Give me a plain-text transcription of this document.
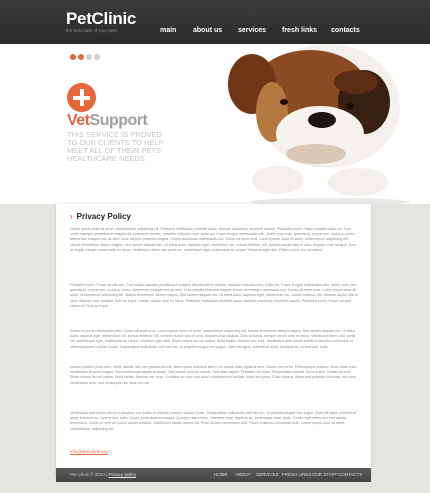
PetClinic
the best care of your pets	main about us services fresh links contacts
VetSupport
THIS SERVICE IS PROVED TO OUR CLIENTS TO HELP MEET ALL OF THEIR PETS HEALTHCARE NEEDS.
› Privacy Policy

Lorem ipsum dolor sit amet, consectetuer adipiscing elit. Praesent vestibulum molestie lacus. Aenean nonummy hendrerit mauris. Phasellus porta. Fusce suscipit varius mi. Cum sociis natoque penatibus et magnis dis parturient montes, nascetur ridiculus mus. Nulla dui. Fusce feugiat malesuada odio. Morbi nunc odio, gravida at, cursus nec, luctus a, lorem. Maecenas tristique orci ac sem. Duis ultricies pharetra magna. Donec accumsan malesuada orci. Donec sit amet eros. Lorem ipsum dolor sit amet, consectetuer adipiscing elit. Mauris fermentum dictum magna. Sed laoreet aliquam leo. Ut tellus dolor, dapibus eget, elementum vel, cursus eleifend, elit. Aenean auctor wisi et urna. Aliquam erat volutpat. Duis ac turpis. Integer rutrum ante eu lacus. Vestibulum libero nisl, porta vel, scelerisque eget, malesuada at, neque. Vivamus eget nibh. Etiam cursus leo vel metus.

Praesent mollis. Fusce iaculis orci. Cum sociis natoque penatibus et magnis dis parturient montes, nascetur ridiculus mus. Nulla dui. Fusce feugiat malesuada odio. Morbi nunc odio, gravida at, cursus nec, luctus a, lorem. Maecenas tristique orci ac sem. Duis ultricies pharetra magna. Donec accumsan malesuada orci. Donec sit amet eros. Lorem ipsum dolor sit amet, consectetuer adipiscing elit. Mauris fermentum dictum magna. Sed laoreet aliquam leo. Ut tellus dolor, dapibus eget, elementum vel, cursus eleifend, elit. Aenean auctor wisi et urna. Aliquam erat volutpat. Duis ac turpis. Integer rutrum ante eu lacus. Praesent vestibulum molestie lacus. Aenean nonummy hendrerit mauris. Phasellus porta. Fusce suscipit varius mi. Duis ac turpis.

Donec ut purus malesuada justo. Donec sit amet eros. Lorem ipsum dolor sit amet, consectetuer adipiscing elit. Mauris fermentum dictum magna. Sed laoreet aliquam leo. Ut tellus dolor, dapibus eget, elementum vel, cursus eleifend, elit. Aenean auctor wisi et urna. Aliquam erat volutpat. Duis ac turpis. Integer rutrum ante eu lacus. Vestibulum libero nisl, porta vel, scelerisque eget, malesuada at, neque. Vivamus eget nibh. Etiam cursus leo vel metus. Nulla facilisi. Aenean nec eros. Vestibulum ante ipsum primis in faucibus orci luctus et ultrices posuere cubilia Curae; Suspendisse sollicitudin velit sed leo. Ut pharetra augue nec augue. Nam elit agna, endrerit sit amet, tincidunt ac, viverra sed, nulla.

Mauris porttitor porta sem. Morbi lacinia, orci nec gravida iaculis, libero quam euismod libero, eu cursus diam ligula at ante. Donec nec tortor. Pellentesque pretium. Nunc vitae nunc. Vestibulum sit amet magna. Sed scelerisque sapien at quam. Sed auctor urna ac mauris. Sed vitae sapien. Praesent vel diam. Suspendisse potenti. Nunc a sem. Nullam ac erat. Etiam cursus leo vel metus. Nulla facilisi. Aenean nec eros. Curabitur ac nunc nec dolor condimentum facilisis. Nunc sed justo. Cras rhoncus, libero sed pharetra tincidunt, nibh sem scelerisque arcu, sed consequat nisi risus non elit.

Vestibulum ante ipsum primis in faucibus orci luctus et ultrices posuere cubilia Curae; Suspendisse sollicitudin velit sed leo. Ut pharetra augue nec augue. Nam elit agna, endrerit sit amet, tincidunt ac, viverra sed, nulla. Donec porta diam eu massa. Quisque diam lorem, interdum vitae, dapibus ac, scelerisque vitae, pede. Donec eget tellus non erat lacinia fermentum. Donec in velit vel ipsum auctor pulvinar. Vestibulum iaculis lacinia est. Proin dictum elementum velit. Fusce euismod consequat ante. Lorem ipsum dolor sit amet, consectetuer adipiscing elit.

info@demolink.org
Pet Clinic © 2010 | Privacy policy	HOME ABOUT SERVICES FRESH LINKS OUR STAFF CONTACTS
